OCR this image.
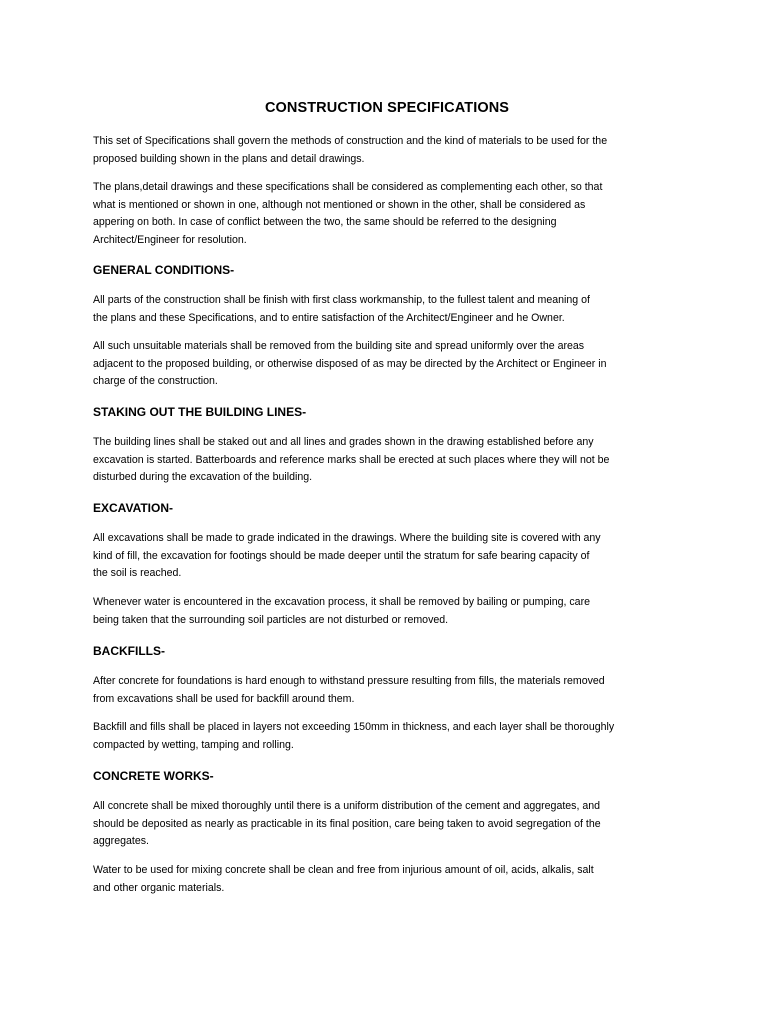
CONSTRUCTION SPECIFICATIONS

This set of Specifications shall govern the methods of construction and the kind of materials to be used for the
proposed building shown in the plans and detail drawings.

The plans,detail drawings and these specifications shall be considered as complementing each other, so that
what is mentioned or shown in one, although not mentioned or shown in the other, shall be considered as
appering on both. In case of conflict between the two, the same should be referred to the designing
Architect/Engineer for resolution.

GENERAL CONDITIONS-

All parts of the construction shall be finish with first class workmanship, to the fullest talent and meaning of
the plans and these Specifications, and to entire satisfaction of the Architect/Engineer and he Owner.

All such unsuitable materials shall be removed from the building site and spread uniformly over the areas
adjacent to the proposed building, or otherwise disposed of as may be directed by the Architect or Engineer in
charge of the construction.

STAKING OUT THE BUILDING LINES-

The building lines shall be staked out and all lines and grades shown in the drawing established before any
excavation is started. Batterboards and reference marks shall be erected at such places where they will not be
disturbed during the excavation of the building.

EXCAVATION-

All excavations shall be made to grade indicated in the drawings. Where the building site is covered with any
kind of fill, the excavation for footings should be made deeper until the stratum for safe bearing capacity of
the soil is reached.

Whenever water is encountered in the excavation process, it shall be removed by bailing or pumping, care
being taken that the surrounding soil particles are not disturbed or removed.

BACKFILLS-

After concrete for foundations is hard enough to withstand pressure resulting from fills, the materials removed
from excavations shall be used for backfill around them.

Backfill and fills shall be placed in layers not exceeding 150mm in thickness, and each layer shall be thoroughly
compacted by wetting, tamping and rolling.

CONCRETE WORKS-

All concrete shall be mixed thoroughly until there is a uniform distribution of the cement and aggregates, and
should be deposited as nearly as practicable in its final position, care being taken to avoid segregation of the
aggregates.

Water to be used for mixing concrete shall be clean and free from injurious amount of oil, acids, alkalis, salt
and other organic materials.
